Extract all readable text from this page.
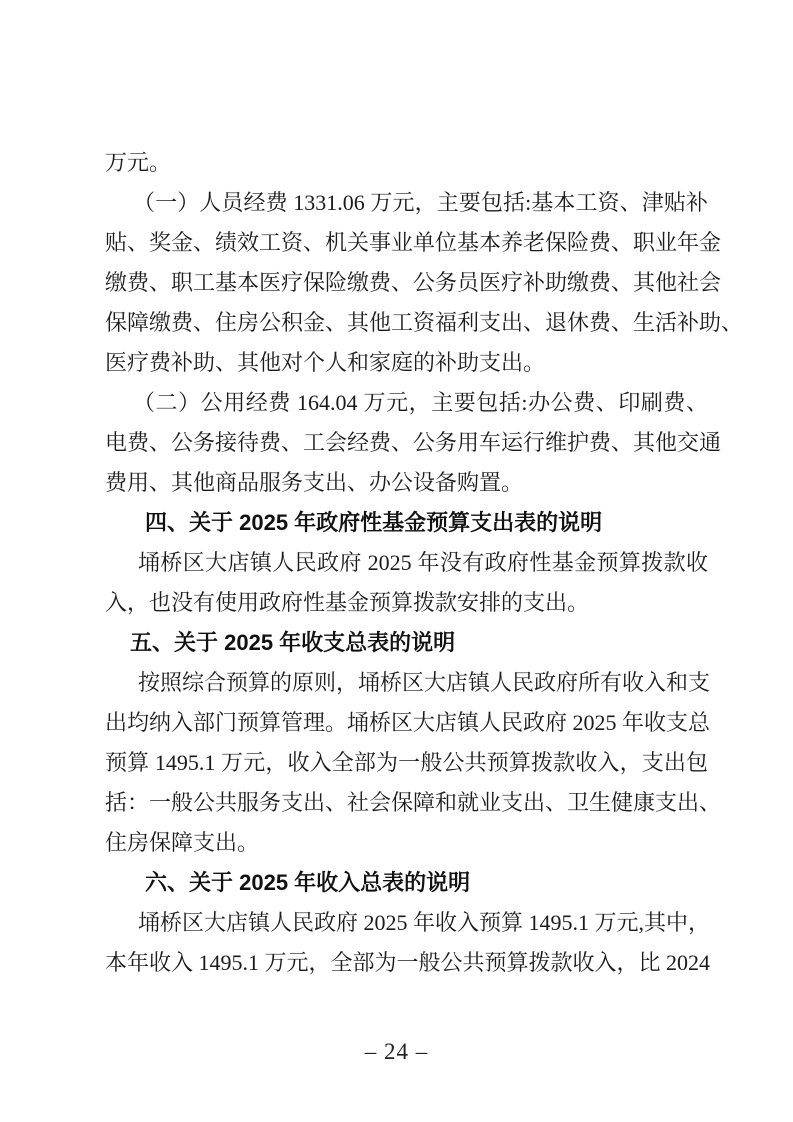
万元。
（一）人员经费 1331.06 万元，主要包括:基本工资、津贴补
贴、奖金、绩效工资、机关事业单位基本养老保险费、职业年金
缴费、职工基本医疗保险缴费、公务员医疗补助缴费、其他社会
保障缴费、住房公积金、其他工资福利支出、退休费、生活补助、
医疗费补助、其他对个人和家庭的补助支出。
（二）公用经费 164.04 万元，主要包括:办公费、印刷费、
电费、公务接待费、工会经费、公务用车运行维护费、其他交通
费用、其他商品服务支出、办公设备购置。
四、关于 2025 年政府性基金预算支出表的说明
埇桥区大店镇人民政府 2025 年没有政府性基金预算拨款收
入，也没有使用政府性基金预算拨款安排的支出。
五、关于 2025 年收支总表的说明
按照综合预算的原则，埇桥区大店镇人民政府所有收入和支
出均纳入部门预算管理。埇桥区大店镇人民政府 2025 年收支总
预算 1495.1 万元，收入全部为一般公共预算拨款收入，支出包
括：一般公共服务支出、社会保障和就业支出、卫生健康支出、
住房保障支出。
六、关于 2025 年收入总表的说明
埇桥区大店镇人民政府 2025 年收入预算 1495.1 万元,其中，
本年收入 1495.1 万元，全部为一般公共预算拨款收入，比 2024
– 24 –
